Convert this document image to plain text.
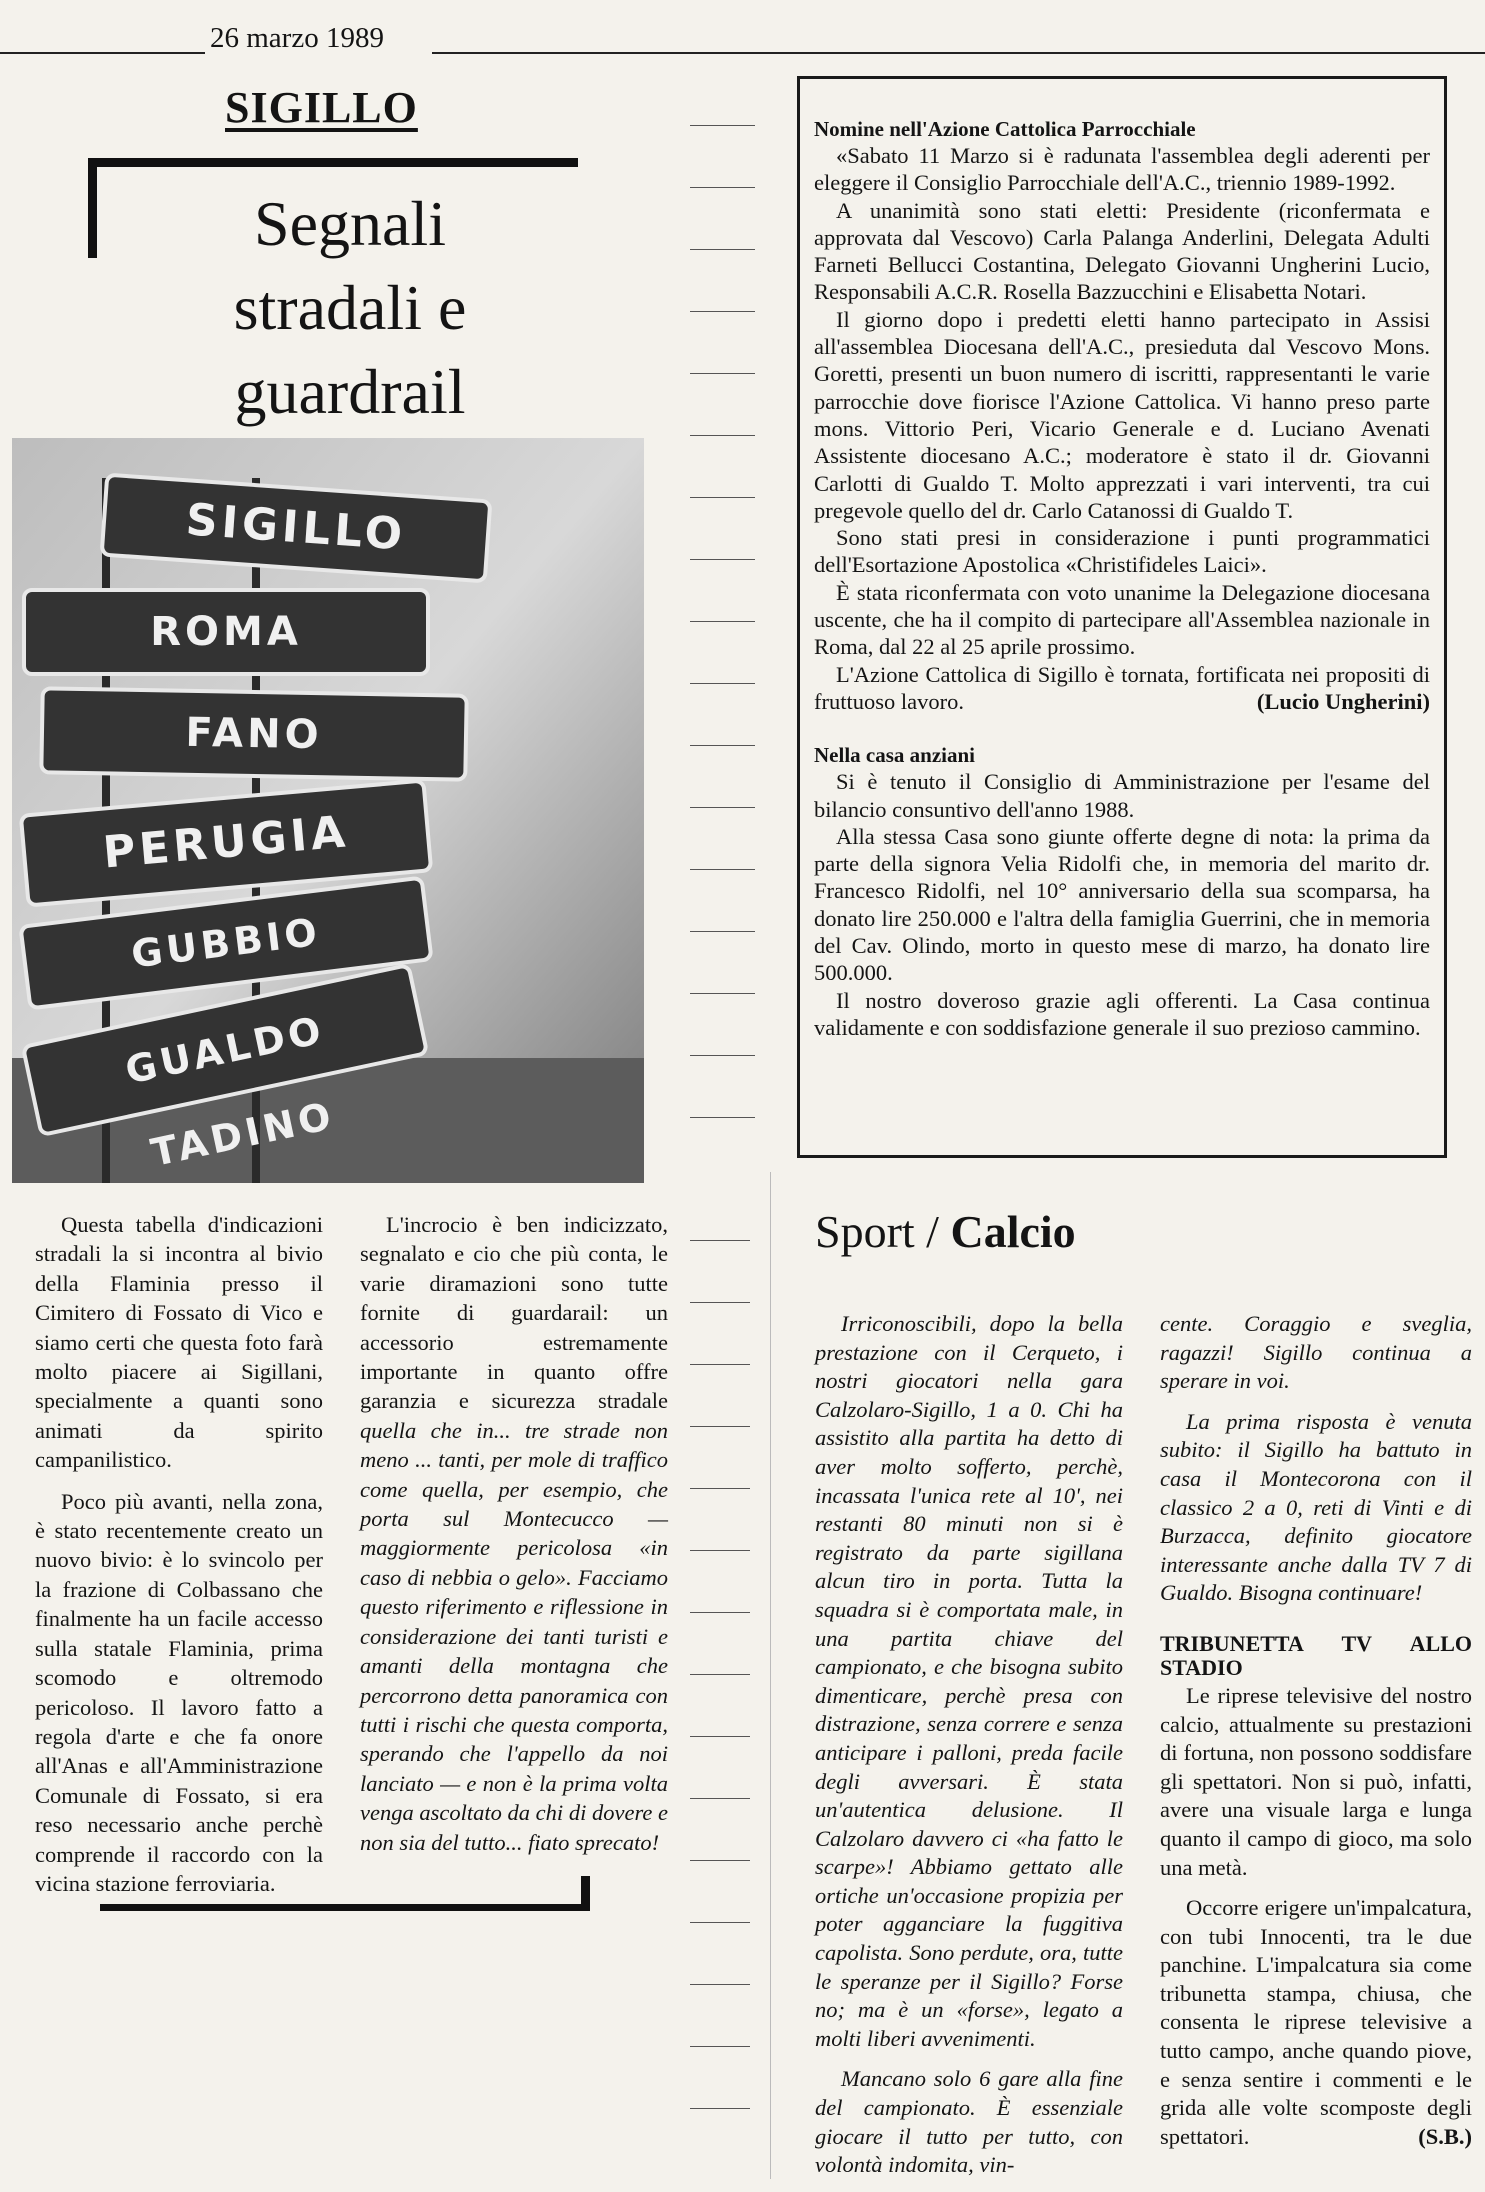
26 marzo 1989
SIGILLO
Segnali
stradali e
guardrail
SIGILLO
ROMA
FANO
PERUGIA
GUBBIO
GUALDO TADINO

Questa tabella d'indicazioni stradali la si incontra al bivio della Flaminia presso il Cimitero di Fossato di Vico e siamo certi che questa foto farà molto piacere ai Sigillani, specialmente a quanti sono animati da spirito campanilistico.

Poco più avanti, nella zona, è stato recentemente creato un nuovo bivio: è lo svincolo per la frazione di Colbassano che finalmente ha un facile accesso sulla statale Flaminia, prima scomodo e oltremodo pericoloso. Il lavoro fatto a regola d'arte e che fa onore all'Anas e all'Amministrazione Comunale di Fossato, si era reso necessario anche perchè comprende il raccordo con la vicina stazione ferroviaria.

L'incrocio è ben indicizzato, segnalato e cio che più conta, le varie diramazioni sono tutte fornite di guardarail: un accessorio estremamente importante in quanto offre garanzia e sicurezza stradale quella che in... tre strade non meno ... tanti, per mole di traffico come quella, per esempio, che porta sul Montecucco — maggiormente pericolosa «in caso di nebbia o gelo». Facciamo questo riferimento e riflessione in considerazione dei tanti turisti e amanti della montagna che percorrono detta panoramica con tutti i rischi che questa comporta, sperando che l'appello da noi lanciato — e non è la prima volta venga ascoltato da chi di dovere e non sia del tutto... fiato sprecato!

Nomine nell'Azione Cattolica Parrocchiale

«Sabato 11 Marzo si è radunata l'assemblea degli aderenti per eleggere il Consiglio Parrocchiale dell'A.C., triennio 1989-1992.

A unanimità sono stati eletti: Presidente (riconfermata e approvata dal Vescovo) Carla Palanga Anderlini, Delegata Adulti Farneti Bellucci Costantina, Delegato Giovanni Ungherini Lucio, Responsabili A.C.R. Rosella Bazzucchini e Elisabetta Notari.

Il giorno dopo i predetti eletti hanno partecipato in Assisi all'assemblea Diocesana dell'A.C., presieduta dal Vescovo Mons. Goretti, presenti un buon numero di iscritti, rappresentanti le varie parrocchie dove fiorisce l'Azione Cattolica. Vi hanno preso parte mons. Vittorio Peri, Vicario Generale e d. Luciano Avenati Assistente diocesano A.C.; moderatore è stato il dr. Giovanni Carlotti di Gualdo T. Molto apprezzati i vari interventi, tra cui pregevole quello del dr. Carlo Catanossi di Gualdo T.

Sono stati presi in considerazione i punti programmatici dell'Esortazione Apostolica «Christifideles Laici».

È stata riconfermata con voto unanime la Delegazione diocesana uscente, che ha il compito di partecipare all'Assemblea nazionale in Roma, dal 22 al 25 aprile prossimo.

L'Azione Cattolica di Sigillo è tornata, fortificata nei propositi di fruttuoso lavoro.	(Lucio Ungherini)

Nella casa anziani

Si è tenuto il Consiglio di Amministrazione per l'esame del bilancio consuntivo dell'anno 1988.

Alla stessa Casa sono giunte offerte degne di nota: la prima da parte della signora Velia Ridolfi che, in memoria del marito dr. Francesco Ridolfi, nel 10° anniversario della sua scomparsa, ha donato lire 250.000 e l'altra della famiglia Guerrini, che in memoria del Cav. Olindo, morto in questo mese di marzo, ha donato lire 500.000.

Il nostro doveroso grazie agli offerenti. La Casa continua validamente e con soddisfazione generale il suo prezioso cammino.

Sport / Calcio

Irriconoscibili, dopo la bella prestazione con il Cerqueto, i nostri giocatori nella gara Calzolaro-Sigillo, 1 a 0. Chi ha assistito alla partita ha detto di aver molto sofferto, perchè, incassata l'unica rete al 10', nei restanti 80 minuti non si è registrato da parte sigillana alcun tiro in porta. Tutta la squadra si è comportata male, in una partita chiave del campionato, e che bisogna subito dimenticare, perchè presa con distrazione, senza correre e senza anticipare i palloni, preda facile degli avversari. È stata un'autentica delusione. Il Calzolaro davvero ci «ha fatto le scarpe»! Abbiamo gettato alle ortiche un'occasione propizia per poter agganciare la fuggitiva capolista. Sono perdute, ora, tutte le speranze per il Sigillo? Forse no; ma è un «forse», legato a molti liberi avvenimenti.

Mancano solo 6 gare alla fine del campionato. È essenziale giocare il tutto per tutto, con volontà indomita, vin-

cente. Coraggio e sveglia, ragazzi! Sigillo continua a sperare in voi.

La prima risposta è venuta subito: il Sigillo ha battuto in casa il Montecorona con il classico 2 a 0, reti di Vinti e di Burzacca, definito giocatore interessante anche dalla TV 7 di Gualdo. Bisogna continuare!

TRIBUNETTA TV ALLO STADIO

Le riprese televisive del nostro calcio, attualmente su prestazioni di fortuna, non possono soddisfare gli spettatori. Non si può, infatti, avere una visuale larga e lunga quanto il campo di gioco, ma solo una metà.

Occorre erigere un'impalcatura, con tubi Innocenti, tra le due panchine. L'impalcatura sia come tribunetta stampa, chiusa, che consenta le riprese televisive a tutto campo, anche quando piove, e senza sentire i commenti e le grida alle volte scomposte degli spettatori.	(S.B.)
